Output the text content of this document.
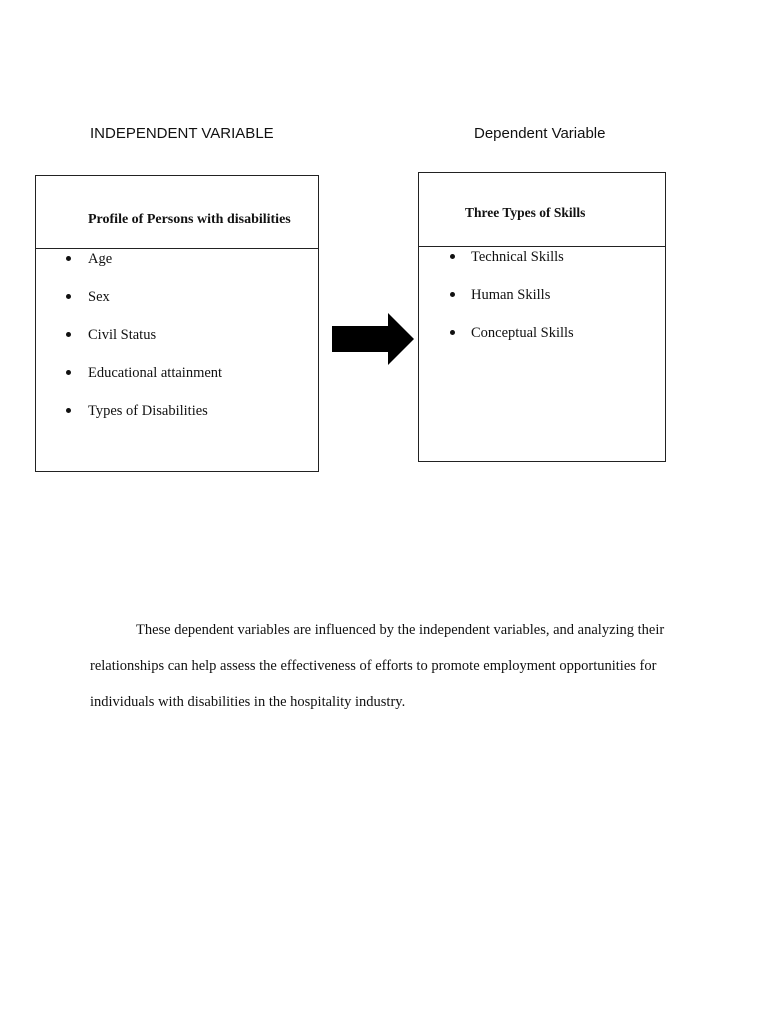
INDEPENDENT VARIABLE	Dependent Variable
Profile of Persons with disabilities
Age
Sex
Civil Status
Educational attainment
Types of Disabilities
Three Types of Skills
Technical Skills
Human Skills
Conceptual Skills

These dependent variables are influenced by the independent variables, and analyzing their relationships can help assess the effectiveness of efforts to promote employment opportunities for individuals with disabilities in the hospitality industry.
